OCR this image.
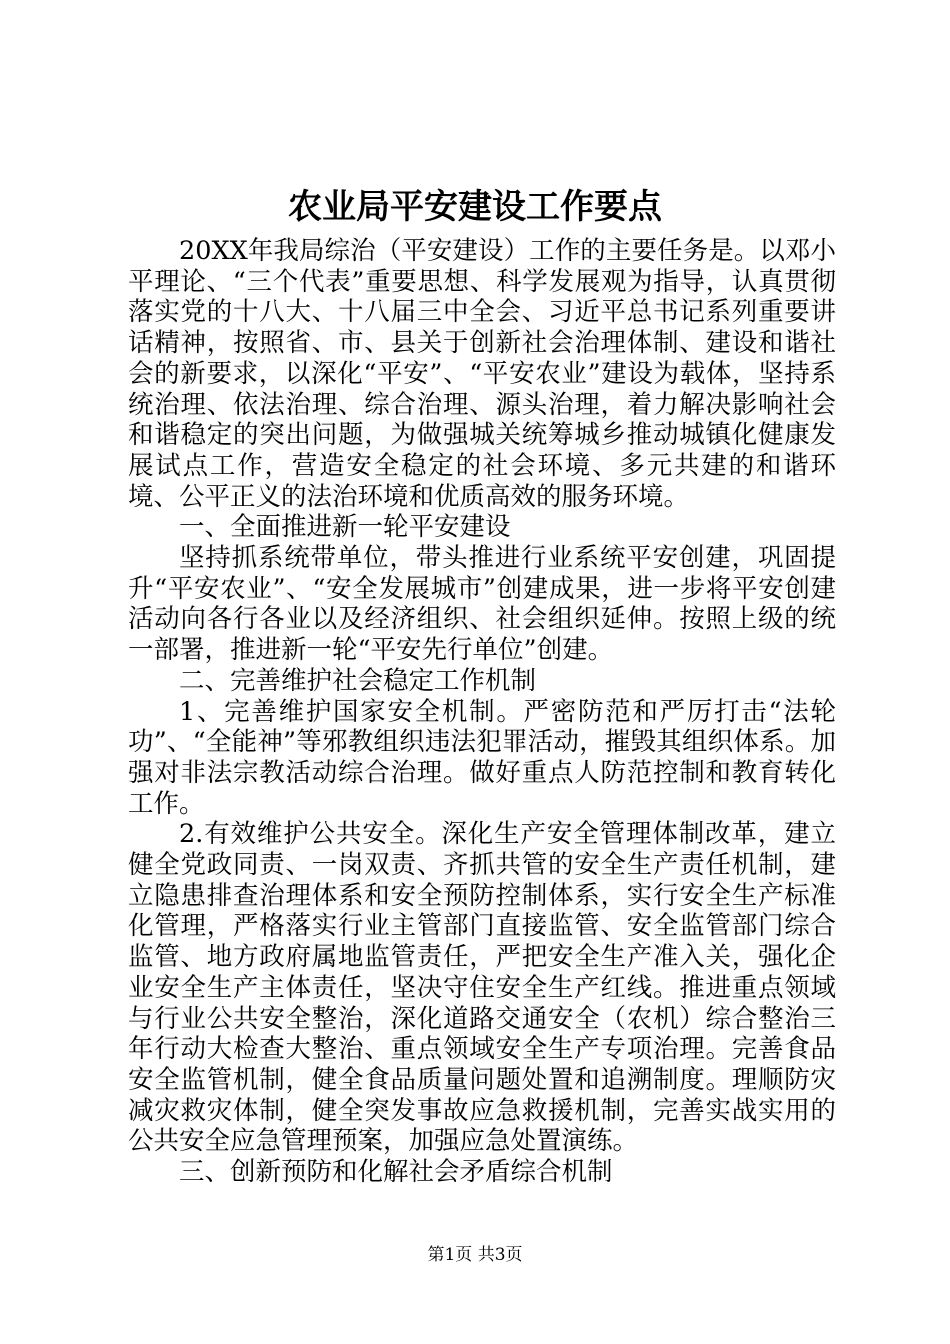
农业局平安建设工作要点

20XX年我局综治（平安建设）工作的主要任务是。以邓小平理论、“三个代表”重要思想、科学发展观为指导，认真贯彻落实党的十八大、十八届三中全会、习近平总书记系列重要讲话精神，按照省、市、县关于创新社会治理体制、建设和谐社会的新要求，以深化“平安”、“平安农业”建设为载体，坚持系统治理、依法治理、综合治理、源头治理，着力解决影响社会和谐稳定的突出问题，为做强城关统筹城乡推动城镇化健康发展试点工作，营造安全稳定的社会环境、多元共建的和谐环境、公平正义的法治环境和优质高效的服务环境。

一、全面推进新一轮平安建设

坚持抓系统带单位，带头推进行业系统平安创建，巩固提升“平安农业”、“安全发展城市”创建成果，进一步将平安创建活动向各行各业以及经济组织、社会组织延伸。按照上级的统一部署，推进新一轮“平安先行单位”创建。

二、完善维护社会稳定工作机制

1、完善维护国家安全机制。严密防范和严厉打击“法轮功”、“全能神”等邪教组织违法犯罪活动，摧毁其组织体系。加强对非法宗教活动综合治理。做好重点人防范控制和教育转化工作。

2.有效维护公共安全。深化生产安全管理体制改革，建立健全党政同责、一岗双责、齐抓共管的安全生产责任机制，建立隐患排查治理体系和安全预防控制体系，实行安全生产标准化管理，严格落实行业主管部门直接监管、安全监管部门综合监管、地方政府属地监管责任，严把安全生产准入关，强化企业安全生产主体责任，坚决守住安全生产红线。推进重点领域与行业公共安全整治，深化道路交通安全（农机）综合整治三年行动大检查大整治、重点领域安全生产专项治理。完善食品安全监管机制，健全食品质量问题处置和追溯制度。理顺防灾减灾救灾体制，健全突发事故应急救援机制，完善实战实用的公共安全应急管理预案，加强应急处置演练。

三、创新预防和化解社会矛盾综合机制

第1页 共3页
